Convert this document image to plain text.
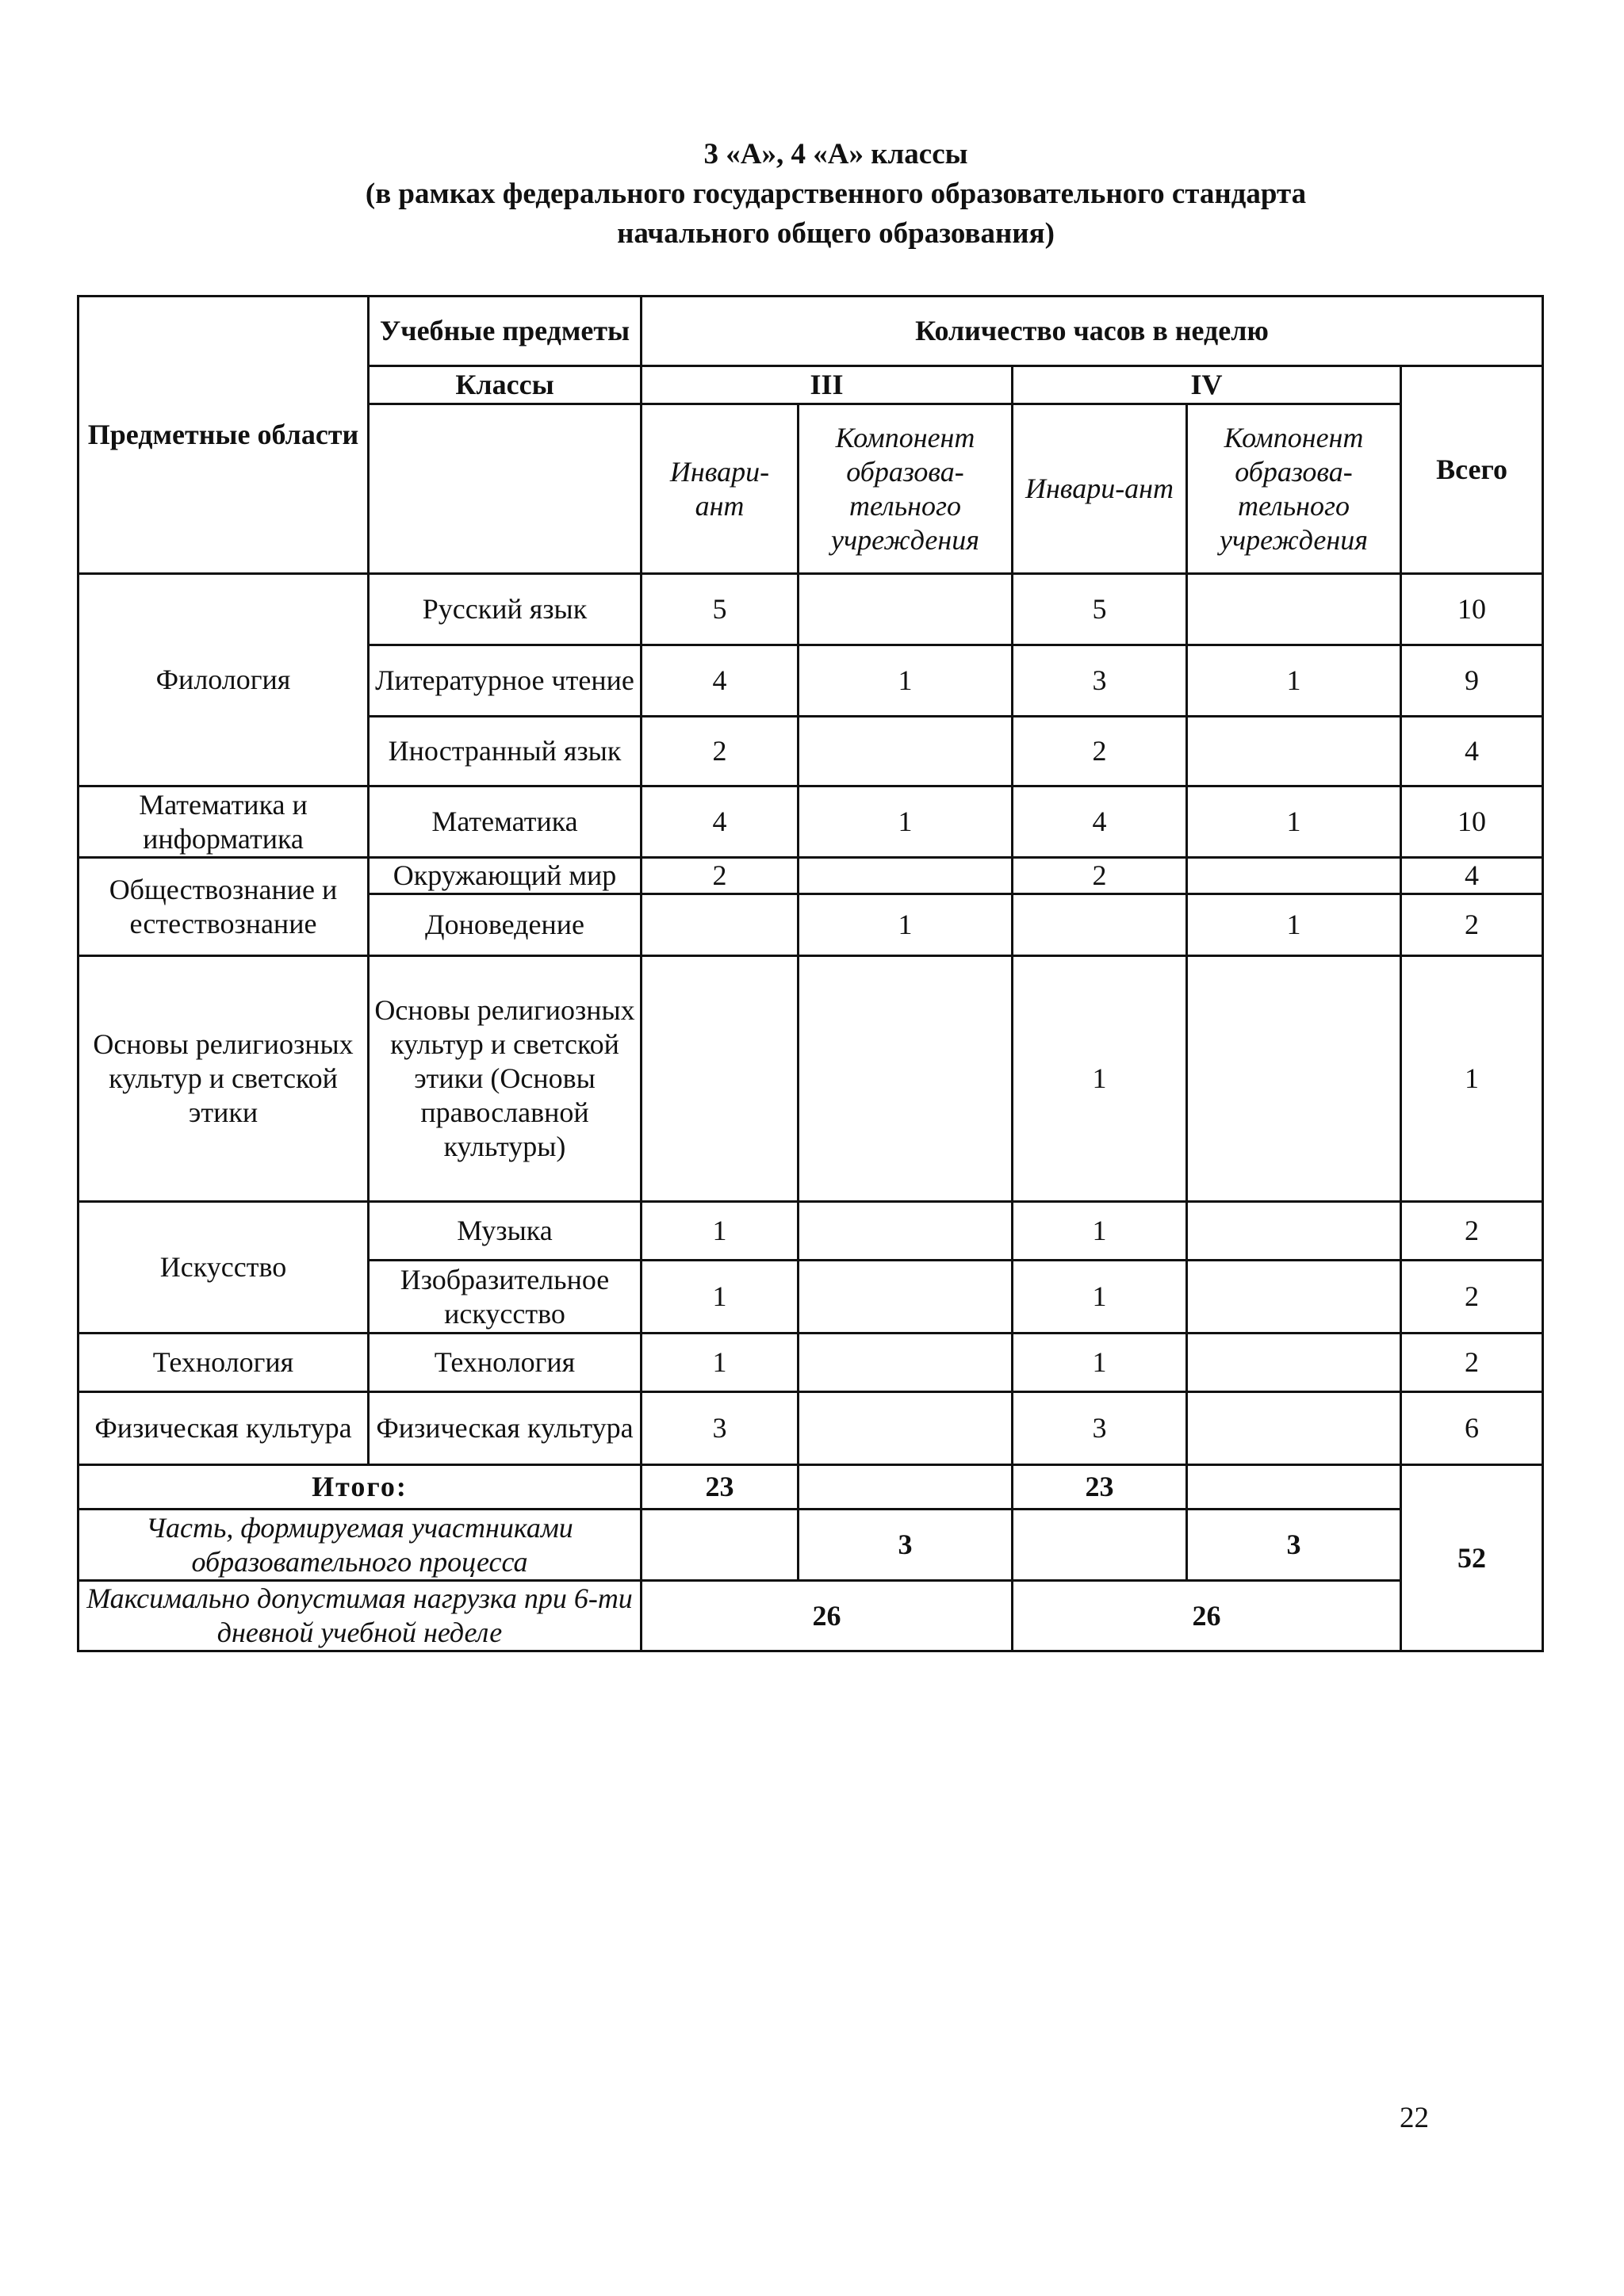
3 «А», 4 «А» классы
(в рамках федерального государственного образовательного стандарта
начального общего образования)
Предметные области	Учебные предметы	Количество часов в неделю				
	Классы	III		IV		Всего
		Инвари-ант	Компонент образова-тельного учреждения	Инвари-ант	Компонент образова-тельного учреждения	
Филология	Русский язык	5		5		10
	Литературное чтение	4	1	3	1	9
	Иностранный язык	2		2		4
Математика и информатика	Математика	4	1	4	1	10
Обществознание и естествознание	Окружающий мир	2		2		4
	Доноведение		1		1	2
Основы религиозных культур и светской этики	Основы религиозных культур и светской этики (Основы православной культуры)			1		1
Искусство	Музыка	1		1		2
	Изобразительное искусство	1		1		2
Технология	Технология	1		1		2
Физическая культура	Физическая культура	3		3		6
Итого:		23		23		52
Часть, формируемая участниками образовательного процесса			3		3	
Максимально допустимая нагрузка при 6-ти дневной учебной неделе		26		26		
22
